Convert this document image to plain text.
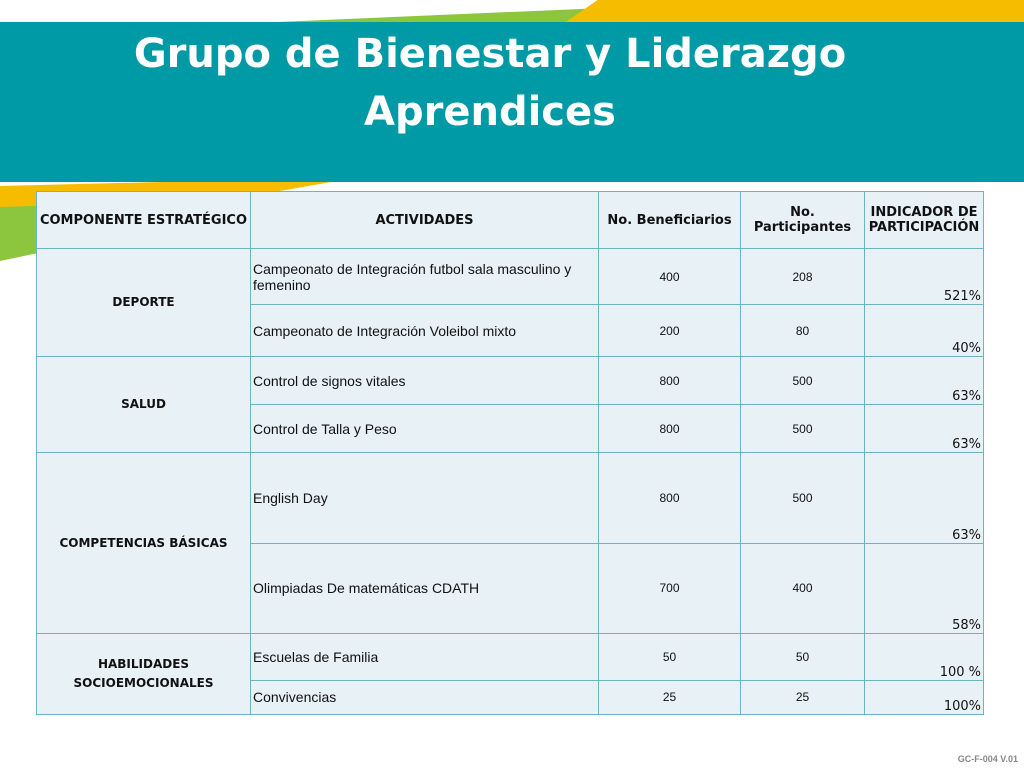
Grupo de Bienestar y Liderazgo
Aprendices
COMPONENTE ESTRATÉGICO	ACTIVIDADES	No. Beneficiarios	No. Participantes	INDICADOR DE PARTICIPACIÓN
DEPORTE	Campeonato de Integración futbol sala masculino y femenino	400	208	521%
	Campeonato de Integración Voleibol mixto	200	80	40%
SALUD	Control de signos vitales	800	500	63%
	Control de Talla y Peso	800	500	63%
COMPETENCIAS BÁSICAS	English Day	800	500	63%
	Olimpiadas De matemáticas CDATH	700	400	58%
HABILIDADES SOCIOEMOCIONALES	Escuelas de Familia	50	50	100 %
	Convivencias	25	25	100%
GC-F-004 V.01
